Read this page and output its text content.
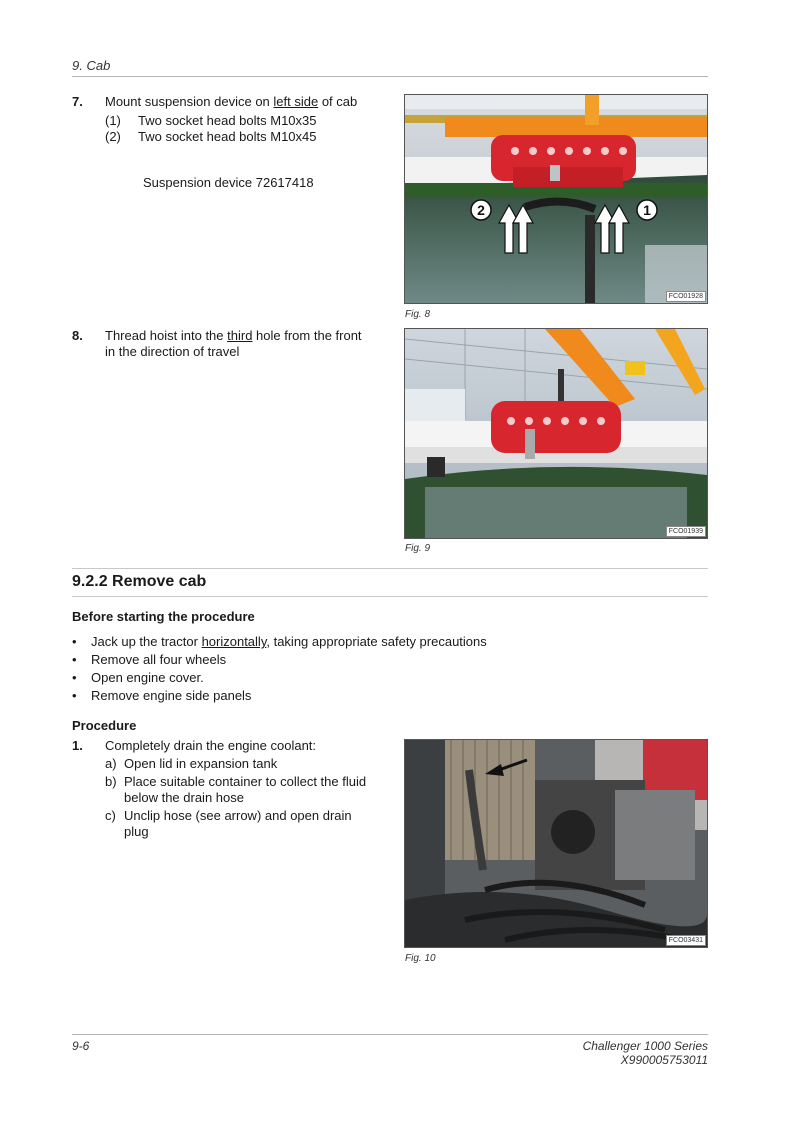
9. Cab
7. Mount suspension device on left side of cab
(1) Two socket head bolts M10x35
(2) Two socket head bolts M10x45
Suspension device 72617418
2	1
FCO01928
Fig. 8
8. Thread hoist into the third hole from the front
in the direction of travel
FCO01939
Fig. 9
9.2.2 Remove cab
Before starting the procedure
• Jack up the tractor horizontally, taking appropriate safety precautions
• Remove all four wheels
• Open engine cover.
• Remove engine side panels
Procedure
1. Completely drain the engine coolant:
a) Open lid in expansion tank
b) Place suitable container to collect the fluid
below the drain hose
c) Unclip hose (see arrow) and open drain
plug
FCO03431
Fig. 10
9-6	Challenger 1000 Series
X990005753011
